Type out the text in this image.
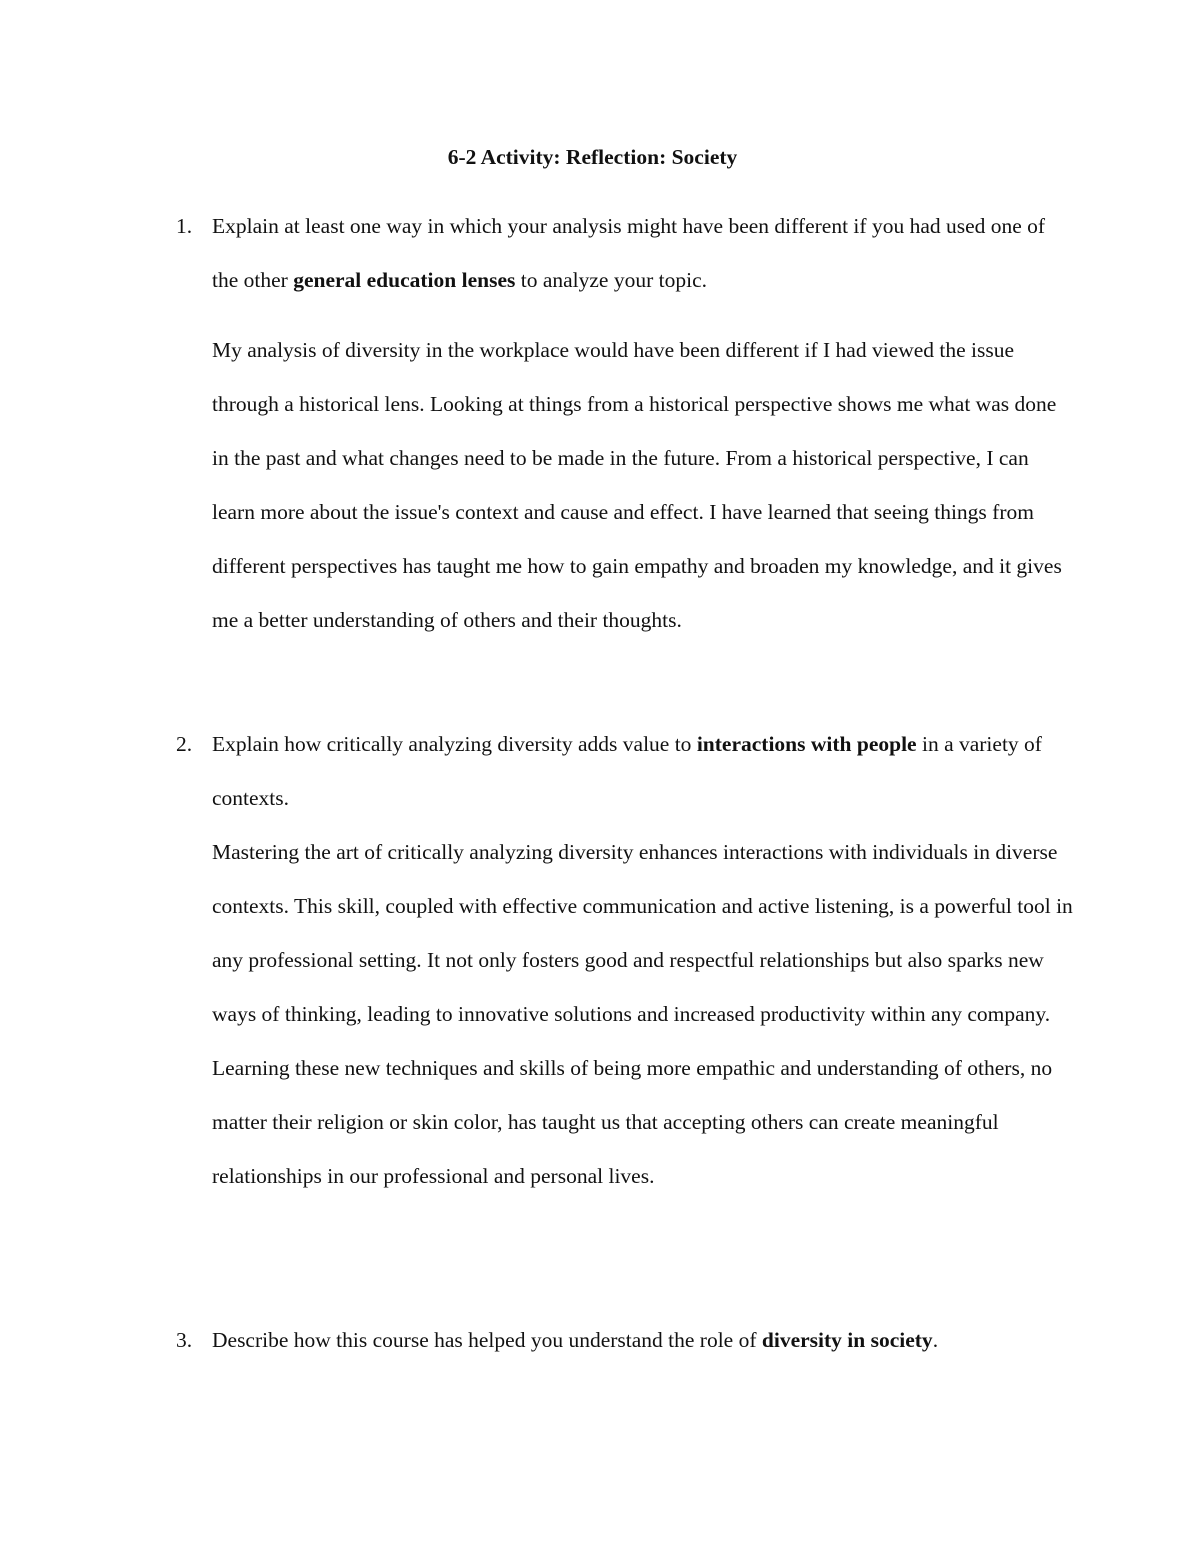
6-2 Activity: Reflection: Society
1. Explain at least one way in which your analysis might have been different if you had used one of the other general education lenses to analyze your topic.
My analysis of diversity in the workplace would have been different if I had viewed the issue through a historical lens. Looking at things from a historical perspective shows me what was done in the past and what changes need to be made in the future. From a historical perspective, I can learn more about the issue's context and cause and effect. I have learned that seeing things from different perspectives has taught me how to gain empathy and broaden my knowledge, and it gives me a better understanding of others and their thoughts.
2. Explain how critically analyzing diversity adds value to interactions with people in a variety of contexts.
Mastering the art of critically analyzing diversity enhances interactions with individuals in diverse contexts. This skill, coupled with effective communication and active listening, is a powerful tool in any professional setting. It not only fosters good and respectful relationships but also sparks new ways of thinking, leading to innovative solutions and increased productivity within any company. Learning these new techniques and skills of being more empathic and understanding of others, no matter their religion or skin color, has taught us that accepting others can create meaningful relationships in our professional and personal lives.
3. Describe how this course has helped you understand the role of diversity in society.
